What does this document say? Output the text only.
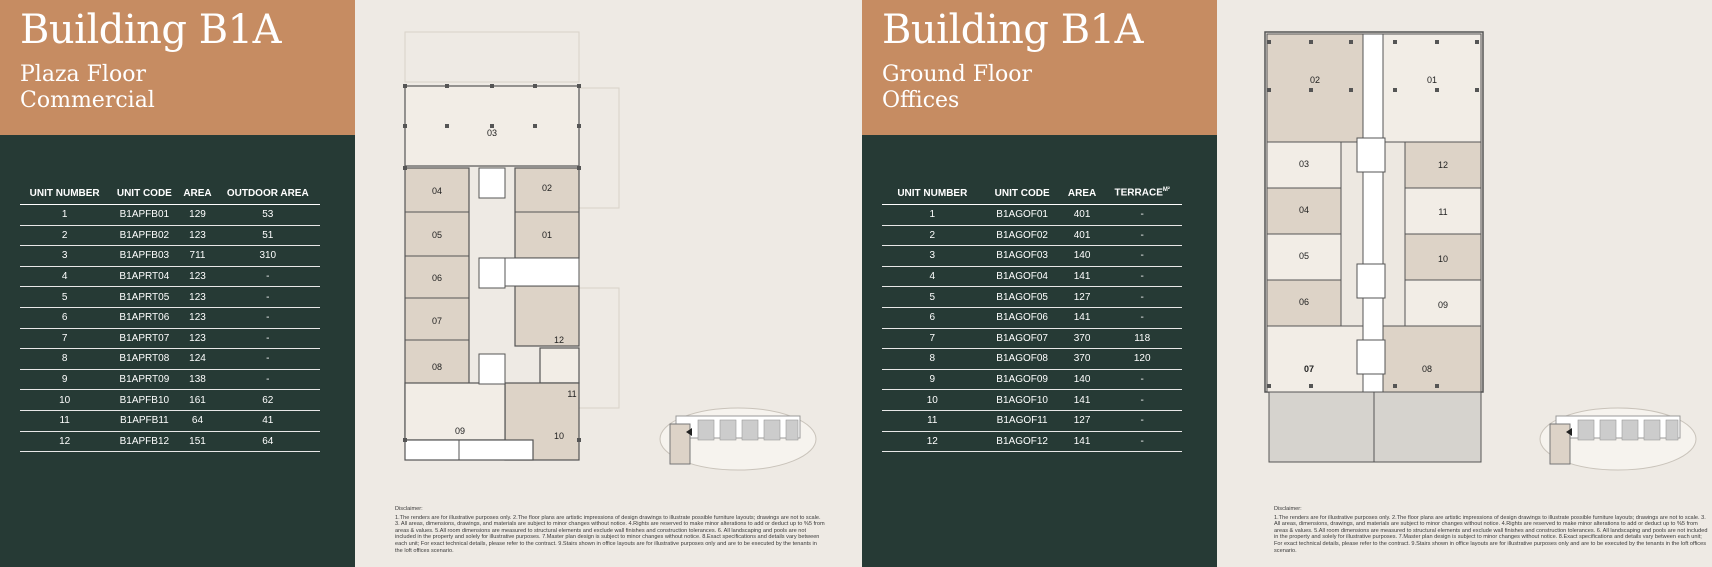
Building B1A
Plaza Floor
Commercial
UNIT NUMBER	UNIT CODE	AREA	OUTDOOR AREA
1	B1APFB01	129	53
2	B1APFB02	123	51
3	B1APFB03	711	310
4	B1APRT04	123	-
5	B1APRT05	123	-
6	B1APRT06	123	-
7	B1APRT07	123	-
8	B1APRT08	124	-
9	B1APRT09	138	-
10	B1APFB10	161	62
11	B1APFB11	64	41
12	B1APFB12	151	64
01
02
03
04
05
06
07
08
09	10
11
12
Disclaimer:
1.The renders are for illustrative purposes only. 2.The floor plans are artistic impressions of design drawings to illustrate possible furniture layouts; drawings are not to scale. 3. All areas, dimensions, drawings, and materials are subject to minor changes without notice. 4.Rights are reserved to make minor alterations to add or deduct up to %5 from areas & values. 5.All room dimensions are measured to structural elements and exclude wall finishes and construction tolerances. 6. All landscaping and pools are not included in the property and solely for illustrative purposes. 7.Master plan design is subject to minor changes without notice. 8.Exact specifications and details vary between each unit; For exact technical details, please refer to the contract. 9.Stairs shown in office layouts are for illustrative purposes only and are to be executed by the tenants in the loft offices scenario.
Building B1A
Ground Floor
Offices
UNIT NUMBER	UNIT CODE	AREA	$TERRACE^{M^2}$
1	B1AGOF01	401	-
2	B1AGOF02	401	-
3	B1AGOF03	140	-
4	B1AGOF04	141	-
5	B1AGOF05	127	-
6	B1AGOF06	141	-
7	B1AGOF07	370	118
8	B1AGOF08	370	120
9	B1AGOF09	140	-
10	B1AGOF10	141	-
11	B1AGOF11	127	-
12	B1AGOF12	141	-
01
02
03
04
05
06
07	08
09
10
11
12
Disclaimer:
1.The renders are for illustrative purposes only. 2.The floor plans are artistic impressions of design drawings to illustrate possible furniture layouts; drawings are not to scale. 3. All areas, dimensions, drawings, and materials are subject to minor changes without notice. 4.Rights are reserved to make minor alterations to add or deduct up to %5 from areas & values. 5.All room dimensions are measured to structural elements and exclude wall finishes and construction tolerances. 6. All landscaping and pools are not included in the property and solely for illustrative purposes. 7.Master plan design is subject to minor changes without notice. 8.Exact specifications and details vary between each unit; For exact technical details, please refer to the contract. 9.Stairs shown in office layouts are for illustrative purposes only and are to be executed by the tenants in the loft offices scenario.
